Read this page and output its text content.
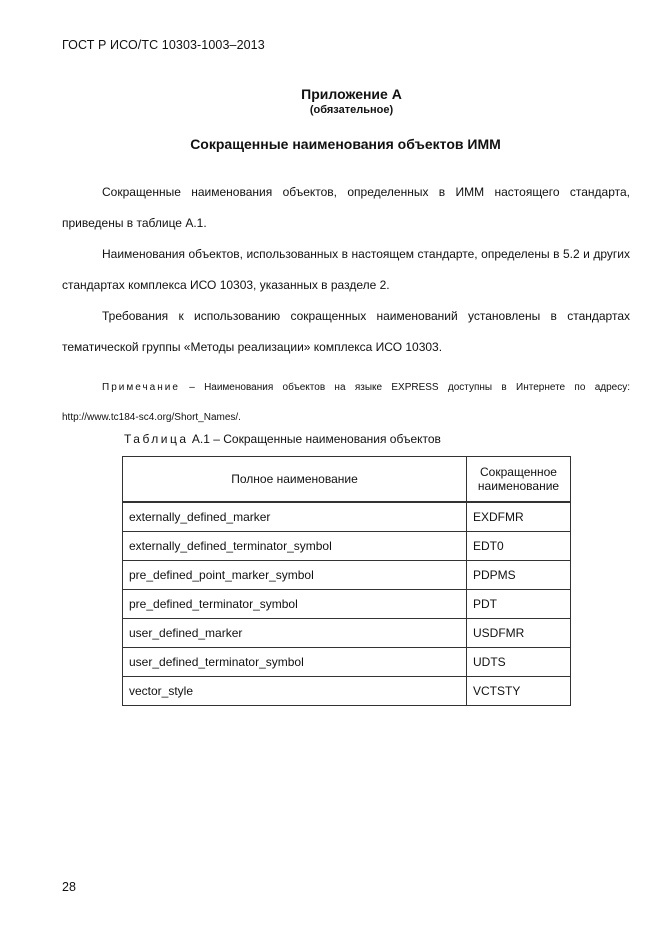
ГОСТ Р ИСО/ТС 10303-1003–2013
Приложение А
(обязательное)
Сокращенные наименования объектов ИММ
Сокращенные наименования объектов, определенных в ИММ настоящего стандарта, приведены в таблице А.1.
Наименования объектов, использованных в настоящем стандарте, определены в 5.2 и других стандартах комплекса ИСО 10303, указанных в разделе 2.
Требования к использованию сокращенных наименований установлены в стандартах тематической группы «Методы реализации» комплекса ИСО 10303.
Примечание – Наименования объектов на языке EXPRESS доступны в Интернете по адресу: http://www.tc184-sc4.org/Short_Names/.
Таблица А.1 – Сокращенные наименования объектов
Полное наименование	Сокращенное наименование
externally_defined_marker	EXDFMR
externally_defined_terminator_symbol	EDT0
pre_defined_point_marker_symbol	PDPMS
pre_defined_terminator_symbol	PDT
user_defined_marker	USDFMR
user_defined_terminator_symbol	UDTS
vector_style	VCTSTY
28
